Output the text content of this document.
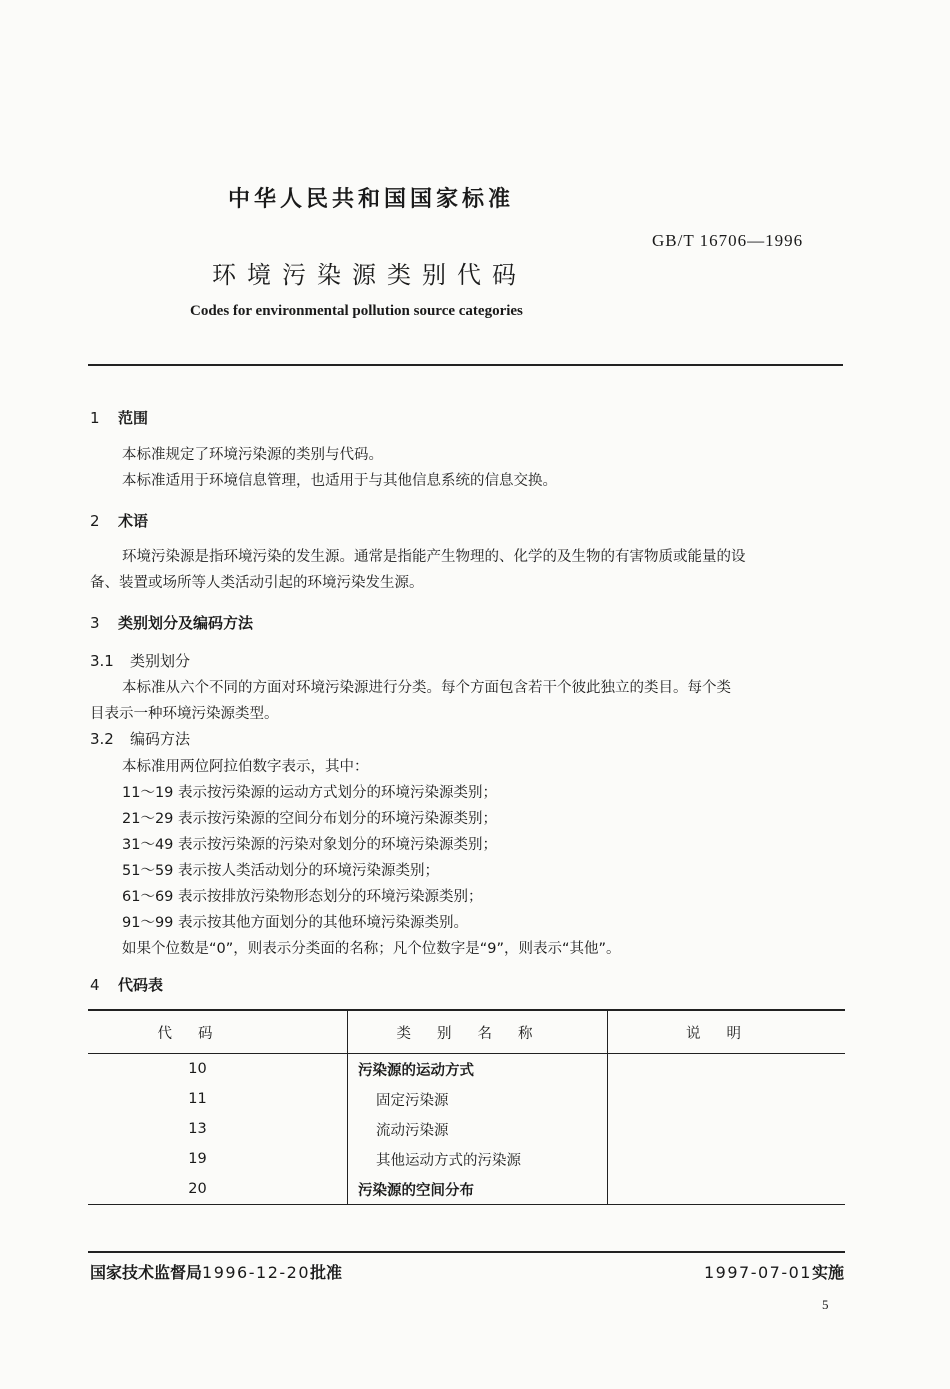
中华人民共和国国家标准
GB/T 16706—1996
环境污染源类别代码
Codes for environmental pollution source categories
1 范围
本标准规定了环境污染源的类别与代码。
本标准适用于环境信息管理，也适用于与其他信息系统的信息交换。
2 术语
环境污染源是指环境污染的发生源。通常是指能产生物理的、化学的及生物的有害物质或能量的设
备、装置或场所等人类活动引起的环境污染发生源。
3 类别划分及编码方法
3.1 类别划分
本标准从六个不同的方面对环境污染源进行分类。每个方面包含若干个彼此独立的类目。每个类
目表示一种环境污染源类型。
3.2 编码方法
本标准用两位阿拉伯数字表示，其中：
11～19 表示按污染源的运动方式划分的环境污染源类别；
21～29 表示按污染源的空间分布划分的环境污染源类别；
31～49 表示按污染源的污染对象划分的环境污染源类别；
51～59 表示按人类活动划分的环境污染源类别；
61～69 表示按排放污染物形态划分的环境污染源类别；
91～99 表示按其他方面划分的其他环境污染源类别。
如果个位数是“0”，则表示分类面的名称；凡个位数字是“9”，则表示“其他”。
4 代码表
代码	类别名称	说明
10	污染源的运动方式	
11	固定污染源	
13	流动污染源	
19	其他运动方式的污染源	
20	污染源的空间分布	
国家技术监督局1996-12-20批准	1997-07-01实施
5
